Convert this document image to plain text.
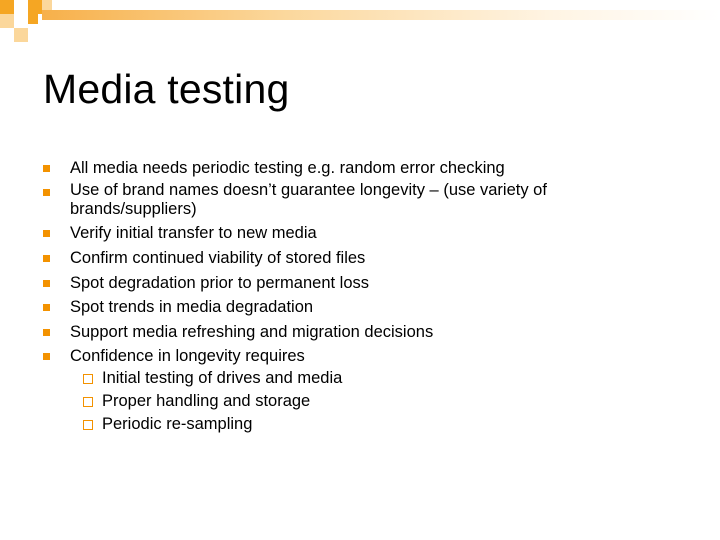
Media testing
All media needs periodic testing e.g. random error checking
Use of brand names doesn’t guarantee longevity – (use variety of brands/suppliers)
Verify initial transfer to new media
Confirm continued viability of stored files
Spot degradation prior to permanent loss
Spot trends in media degradation
Support media refreshing and migration decisions
Confidence in longevity requires
Initial testing of drives and media
Proper handling and storage
Periodic re-sampling
